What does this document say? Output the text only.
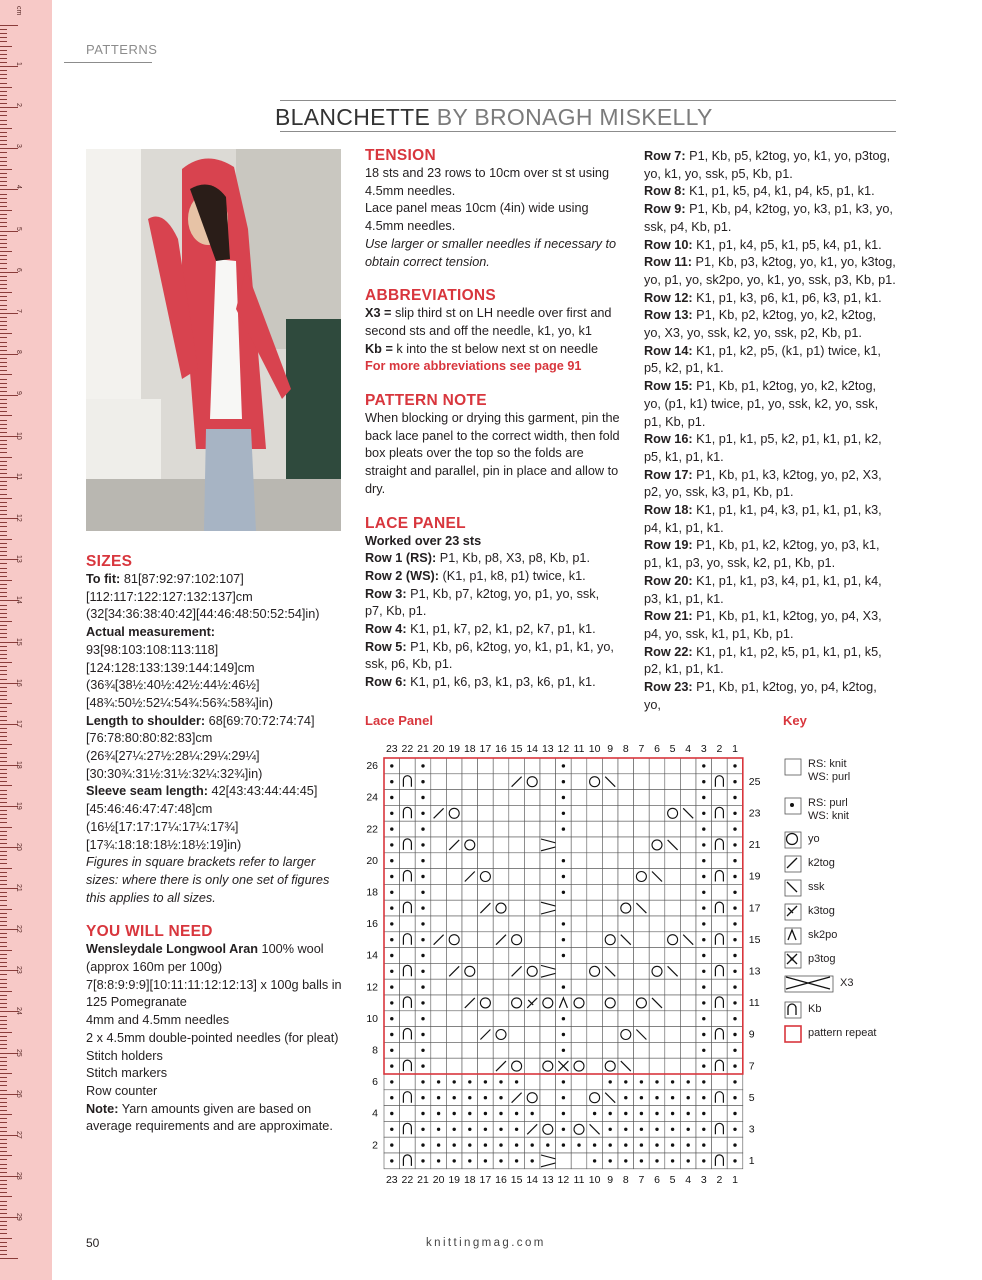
cm
1
2
3
4
5
6
7
8
9
10
11
12
13
14
15
16
17
18
19
20
21
22
23
24
25
26
27
28
29
PATTERNS
BLANCHETTE BY BRONAGH MISKELLY

SIZES

To fit: 81[87:92:97:102:107] [112:117:122:127:132:137]cm (32[34:36:38:40:42][44:46:48:50:52:54]in)

Actual measurement:

93[98:103:108:113:118] [124:128:133:139:144:149]cm (36¾[38½:40½:42½:44½:46½] [48¾:50½:52¼:54¾:56¾:58¾]in)

Length to shoulder: 68[69:70:72:74:74] [76:78:80:80:82:83]cm (26¾[27¼:27½:28¼:29¼:29¼] [30:30¾:31½:31½:32¼:32¾]in)

Sleeve seam length: 42[43:43:44:44:45] [45:46:46:47:47:48]cm (16½[17:17:17¼:17¼:17¾] [17¾:18:18:18½:18½:19]in)

Figures in square brackets refer to larger sizes: where there is only one set of figures this applies to all sizes.

YOU WILL NEED

Wensleydale Longwool Aran 100% wool (approx 160m per 100g)

7[8:8:9:9:9][10:11:11:12:12:13] x 100g balls in 125 Pomegranate

4mm and 4.5mm needles

2 x 4.5mm double-pointed needles (for pleat)

Stitch holders

Stitch markers

Row counter

Note: Yarn amounts given are based on average requirements and are approximate.

TENSION

18 sts and 23 rows to 10cm over st st using 4.5mm needles.

Lace panel meas 10cm (4in) wide using 4.5mm needles.

Use larger or smaller needles if necessary to obtain correct tension.

ABBREVIATIONS

X3 = slip third st on LH needle over first and second sts and off the needle, k1, yo, k1

Kb = k into the st below next st on needle

For more abbreviations see page 91

PATTERN NOTE

When blocking or drying this garment, pin the back lace panel to the correct width, then fold box pleats over the top so the folds are straight and parallel, pin in place and allow to dry.

LACE PANEL

Worked over 23 sts

Row 1 (RS): P1, Kb, p8, X3, p8, Kb, p1.

Row 2 (WS): (K1, p1, k8, p1) twice, k1.

Row 3: P1, Kb, p7, k2tog, yo, p1, yo, ssk, p7, Kb, p1.

Row 4: K1, p1, k7, p2, k1, p2, k7, p1, k1.

Row 5: P1, Kb, p6, k2tog, yo, k1, p1, k1, yo, ssk, p6, Kb, p1.

Row 6: K1, p1, k6, p3, k1, p3, k6, p1, k1.

Row 7: P1, Kb, p5, k2tog, yo, k1, yo, p3tog, yo, k1, yo, ssk, p5, Kb, p1.

Row 8: K1, p1, k5, p4, k1, p4, k5, p1, k1.

Row 9: P1, Kb, p4, k2tog, yo, k3, p1, k3, yo, ssk, p4, Kb, p1.

Row 10: K1, p1, k4, p5, k1, p5, k4, p1, k1.

Row 11: P1, Kb, p3, k2tog, yo, k1, yo, k3tog, yo, p1, yo, sk2po, yo, k1, yo, ssk, p3, Kb, p1.

Row 12: K1, p1, k3, p6, k1, p6, k3, p1, k1.

Row 13: P1, Kb, p2, k2tog, yo, k2, k2tog, yo, X3, yo, ssk, k2, yo, ssk, p2, Kb, p1.

Row 14: K1, p1, k2, p5, (k1, p1) twice, k1, p5, k2, p1, k1.

Row 15: P1, Kb, p1, k2tog, yo, k2, k2tog, yo, (p1, k1) twice, p1, yo, ssk, k2, yo, ssk, p1, Kb, p1.

Row 16: K1, p1, k1, p5, k2, p1, k1, p1, k2, p5, k1, p1, k1.

Row 17: P1, Kb, p1, k3, k2tog, yo, p2, X3, p2, yo, ssk, k3, p1, Kb, p1.

Row 18: K1, p1, k1, p4, k3, p1, k1, p1, k3, p4, k1, p1, k1.

Row 19: P1, Kb, p1, k2, k2tog, yo, p3, k1, p1, k1, p3, yo, ssk, k2, p1, Kb, p1.

Row 20: K1, p1, k1, p3, k4, p1, k1, p1, k4, p3, k1, p1, k1.

Row 21: P1, Kb, p1, k1, k2tog, yo, p4, X3, p4, yo, ssk, k1, p1, Kb, p1.

Row 22: K1, p1, k1, p2, k5, p1, k1, p1, k5, p2, k1, p1, k1.

Row 23: P1, Kb, p1, k2tog, yo, p4, k2tog, yo,

Lace Panel
23
23
22
22
21
21
20
20
19
19
18
18
17
17
16
16
15
15
14
14
13
13
12
12
11
11
10
10
9
9
8
8
7
7
6
6
5
5
4
4
3
3
2
2
1
1
26
24
22
20
18
16
14
12
10
8
6
4
2
25
23
21
19
17
15
13
11
9
7
5
3
1
Key
RS: knit
WS: purl
RS: purl
WS: knit
yo
k2tog
ssk
k3tog
sk2po
p3tog
X3
Kb
pattern repeat
50	knittingmag.com
